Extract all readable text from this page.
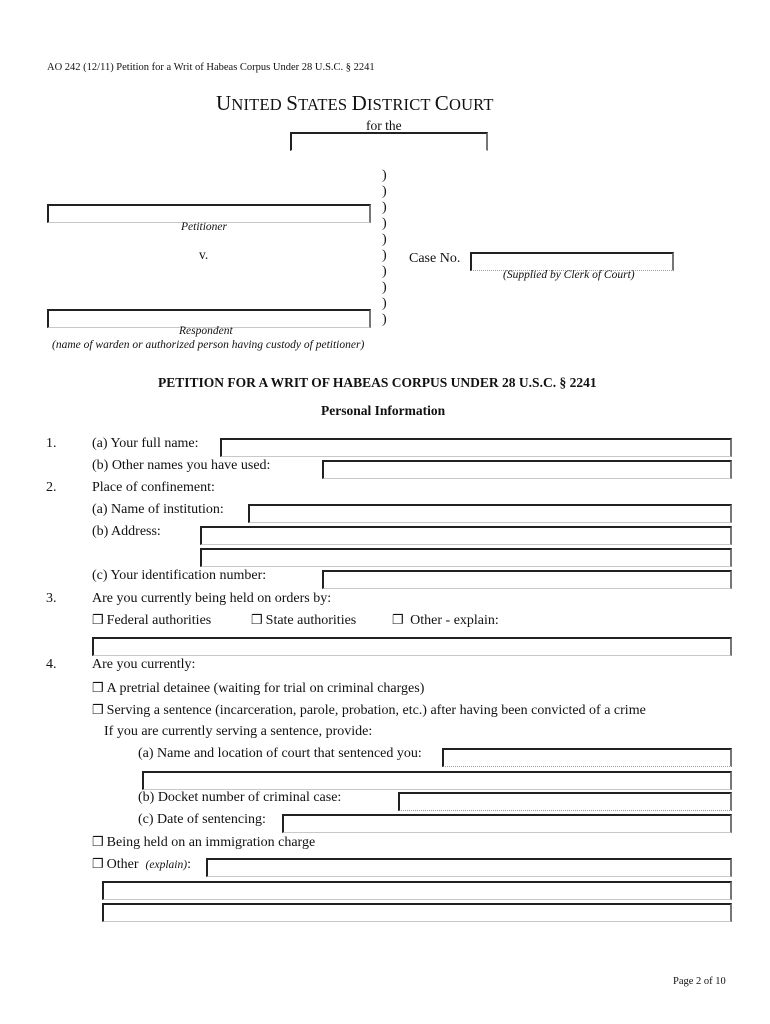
AO 242 (12/11) Petition for a Writ of Habeas Corpus Under 28 U.S.C. § 2241
UNITED STATES DISTRICT COURT
for the
Petitioner
v.
Respondent
(name of warden or authorized person having custody of petitioner)
)
)
)
)
)
)
)
)
)
)
Case No.
(Supplied by Clerk of Court)
PETITION FOR A WRIT OF HABEAS CORPUS UNDER 28 U.S.C. § 2241
Personal Information
1.	(a) Your full name:
(b) Other names you have used:
2.	Place of confinement:
(a) Name of institution:
(b) Address:
(c) Your identification number:
3.	Are you currently being held on orders by:
❒ Federal authorities	❒ State authorities	❒ Other - explain:
4.	Are you currently:
❒ A pretrial detainee (waiting for trial on criminal charges)
❒ Serving a sentence (incarceration, parole, probation, etc.) after having been convicted of a crime
If you are currently serving a sentence, provide:
(a) Name and location of court that sentenced you:
(b) Docket number of criminal case:
(c) Date of sentencing:
❒ Being held on an immigration charge
❒ Other (explain):
Page 2 of 10
